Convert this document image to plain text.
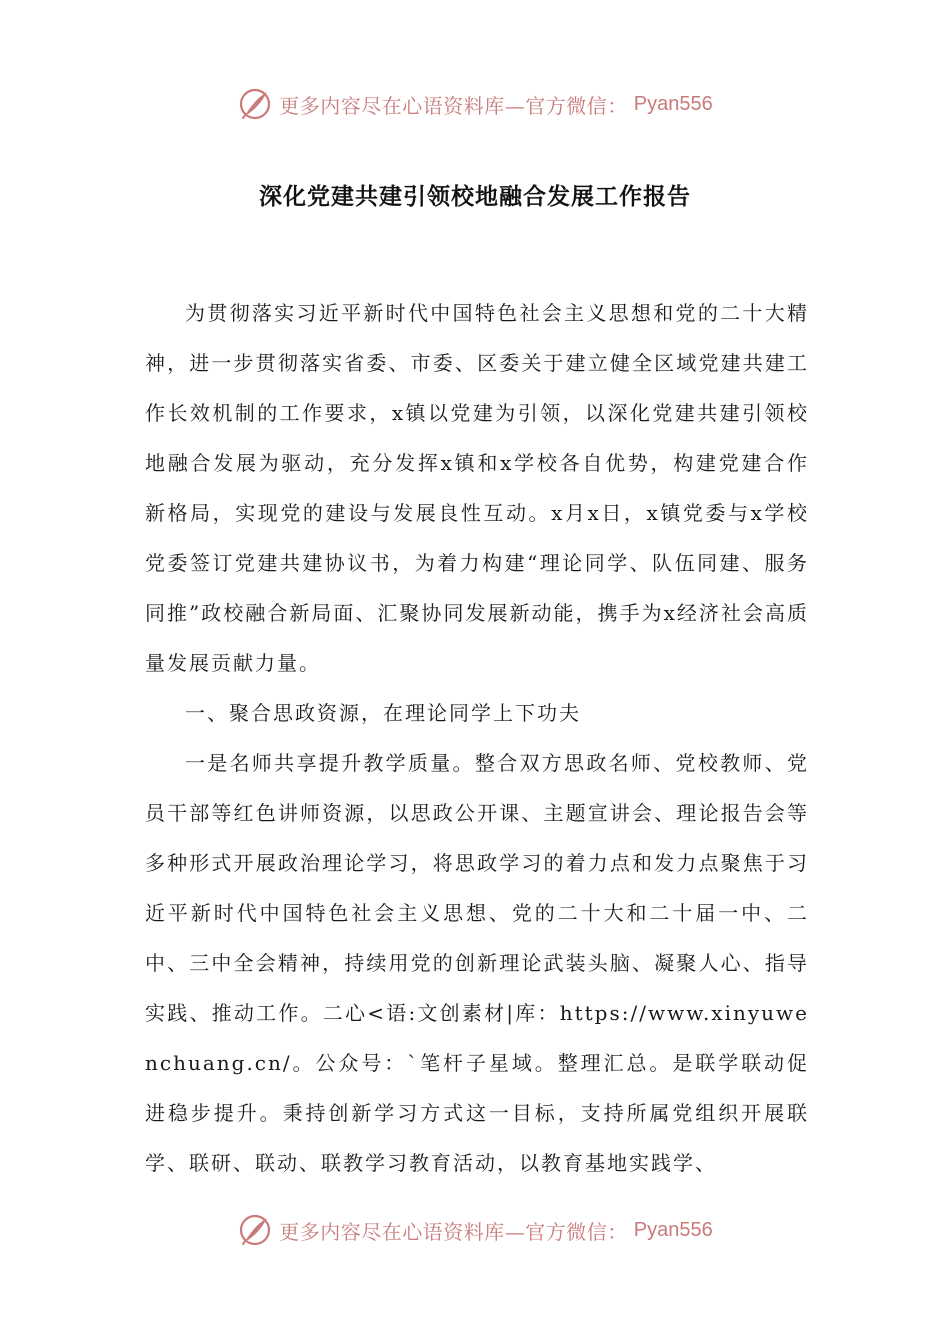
更多内容尽在心语资料库—官方微信： Pyan556
深化党建共建引领校地融合发展工作报告

为贯彻落实习近平新时代中国特色社会主义思想和党的二十大精神，进一步贯彻落实省委、市委、区委关于建立健全区域党建共建工作长效机制的工作要求，x镇以党建为引领，以深化党建共建引领校地融合发展为驱动，充分发挥x镇和x学校各自优势，构建党建合作新格局，实现党的建设与发展良性互动。x月x日，x镇党委与x学校党委签订党建共建协议书，为着力构建“理论同学、队伍同建、服务同推”政校融合新局面、汇聚协同发展新动能，携手为x经济社会高质量发展贡献力量。

一、聚合思政资源，在理论同学上下功夫

一是名师共享提升教学质量。整合双方思政名师、党校教师、党员干部等红色讲师资源，以思政公开课、主题宣讲会、理论报告会等多种形式开展政治理论学习，将思政学习的着力点和发力点聚焦于习近平新时代中国特色社会主义思想、党的二十大和二十届一中、二中、三中全会精神，持续用党的创新理论武装头脑、凝聚人心、指导实践、推动工作。二心<语:文创素材|库：https://www.xinyuwenchuang.cn/。公众号：`笔杆子星域。整理汇总。是联学联动促进稳步提升。秉持创新学习方式这一目标，支持所属党组织开展联学、联研、联动、联教学习教育活动，以教育基地实践学、

更多内容尽在心语资料库—官方微信： Pyan556
